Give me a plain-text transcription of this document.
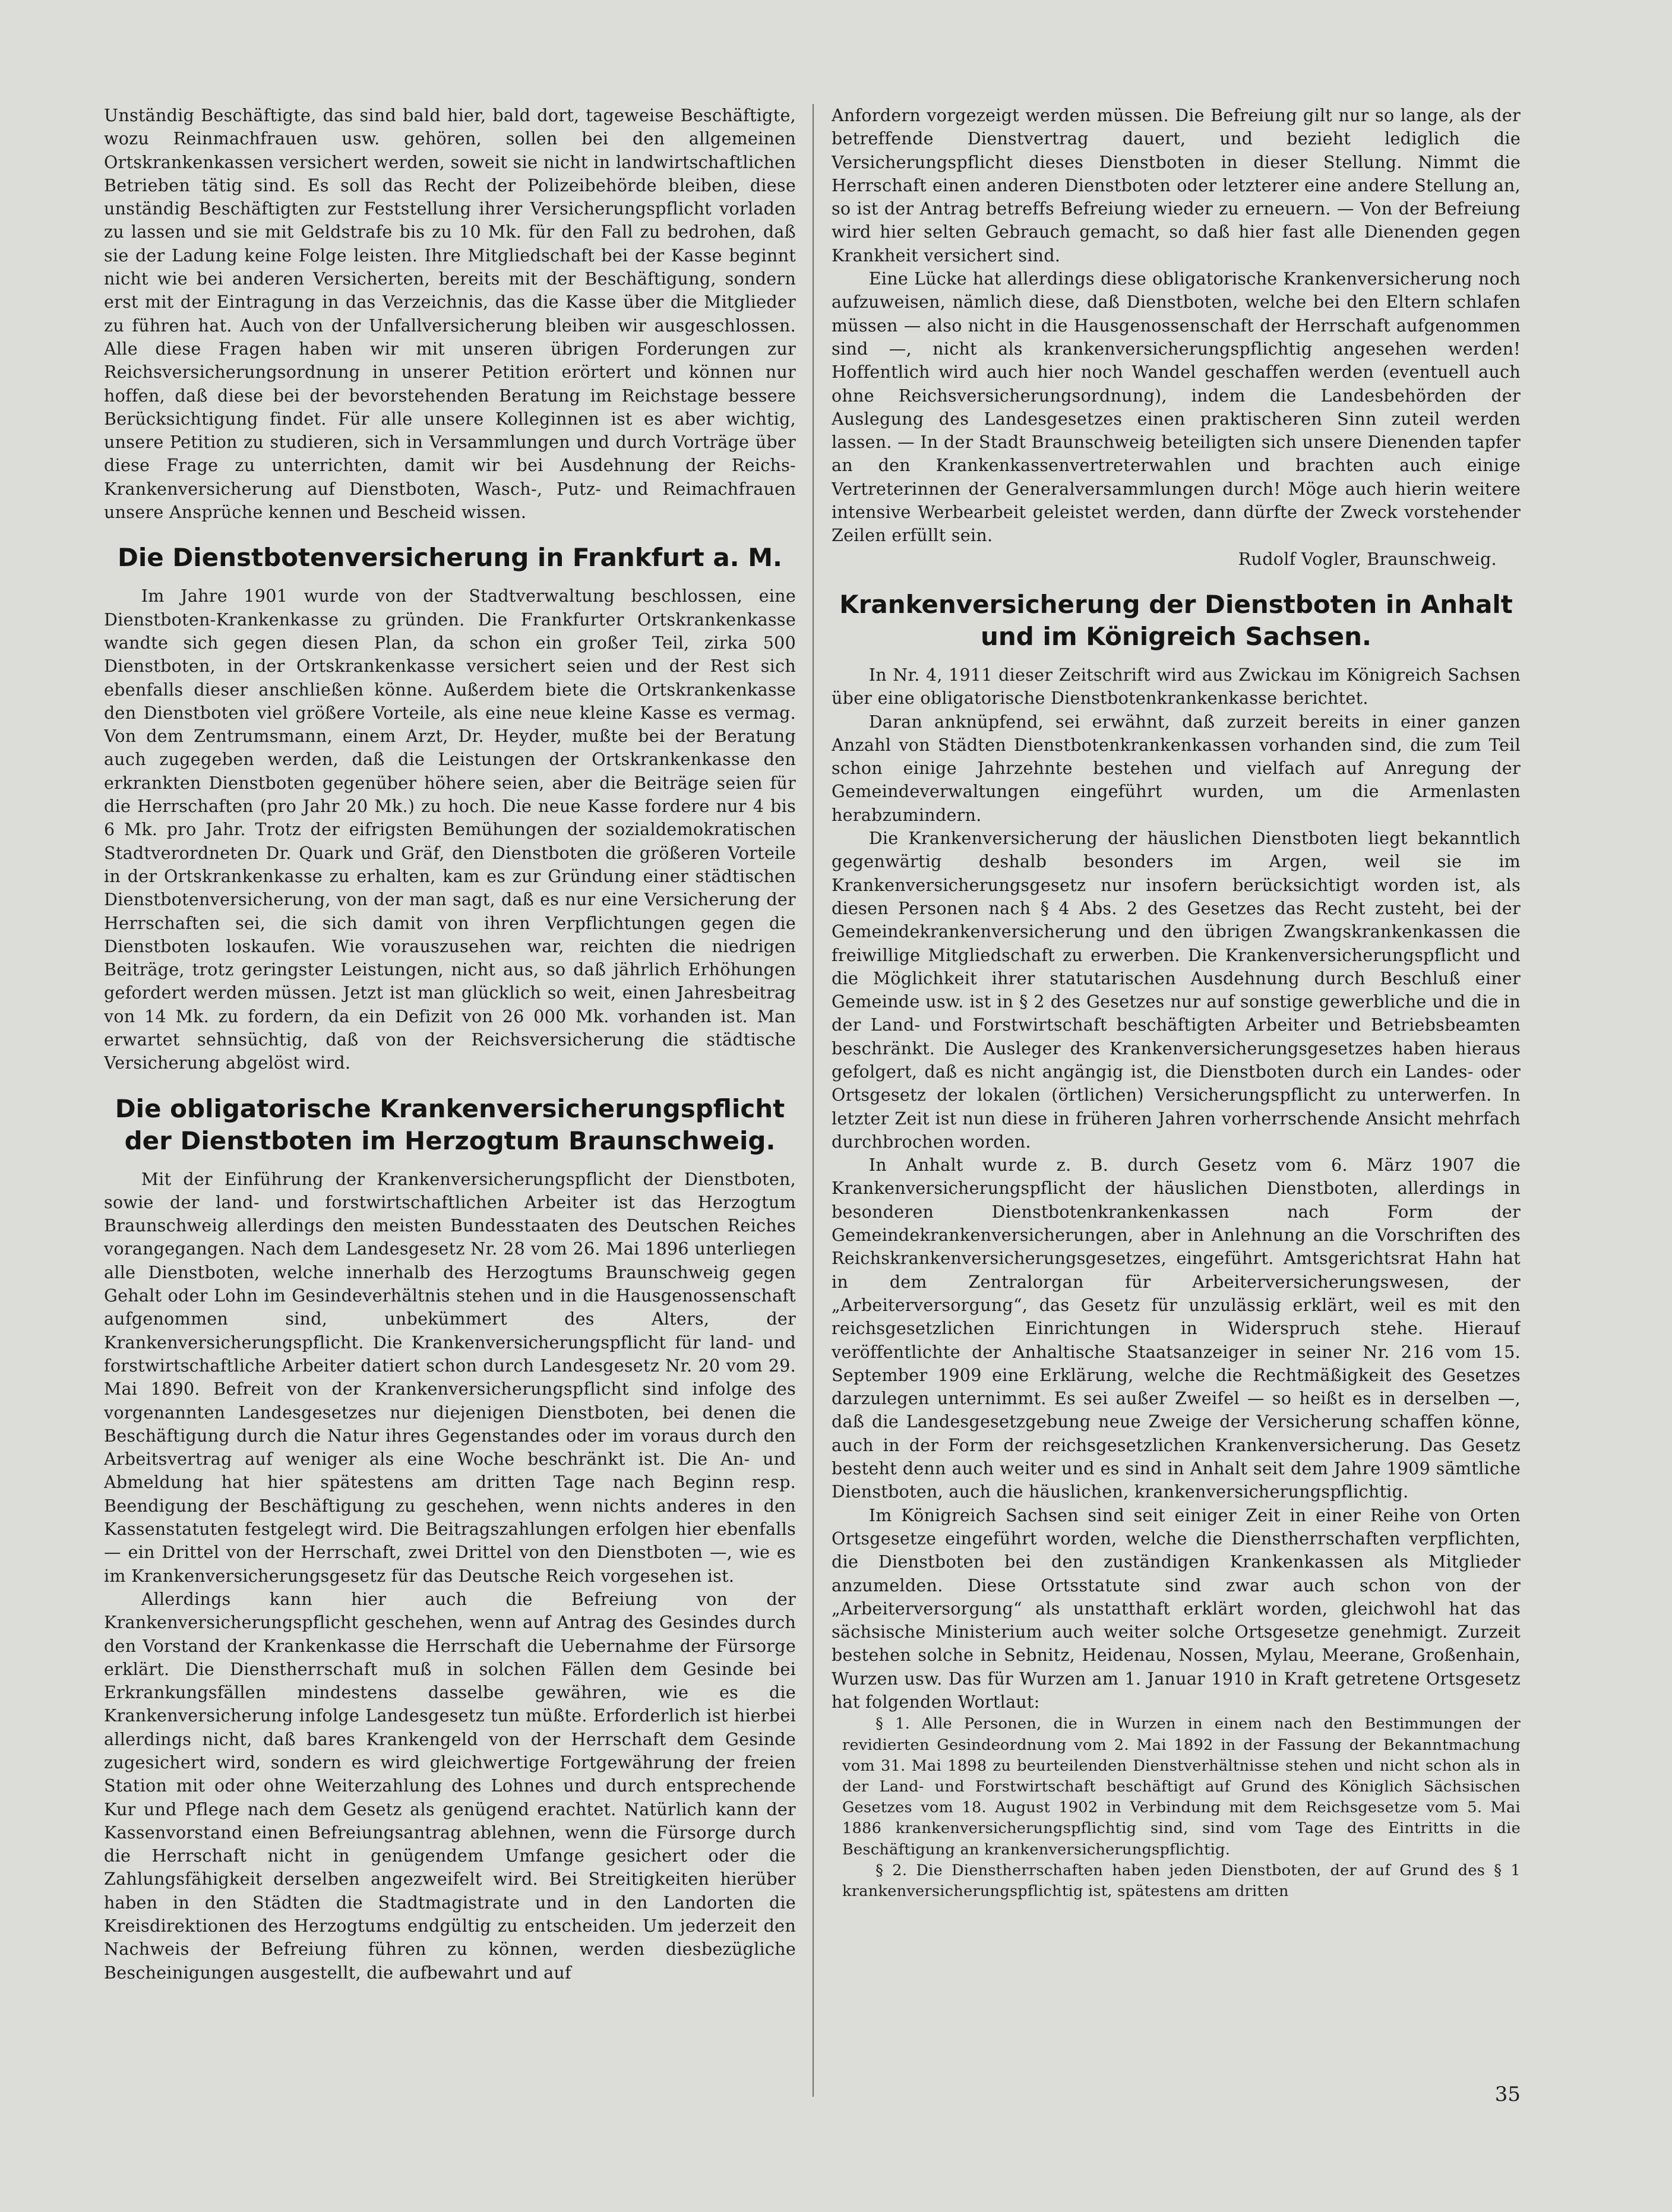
Unständig Beschäftigte, das sind bald hier, bald dort, tageweise Beschäftigte, wozu Reinmachfrauen usw. gehören, sollen bei den allgemeinen Ortskrankenkassen versichert werden, soweit sie nicht in landwirtschaftlichen Betrieben tätig sind. Es soll das Recht der Polizeibehörde bleiben, diese unständig Beschäftigten zur Feststellung ihrer Versicherungspflicht vorladen zu lassen und sie mit Geldstrafe bis zu 10 Mk. für den Fall zu bedrohen, daß sie der Ladung keine Folge leisten. Ihre Mitgliedschaft bei der Kasse beginnt nicht wie bei anderen Versicherten, bereits mit der Beschäftigung, sondern erst mit der Eintragung in das Verzeichnis, das die Kasse über die Mitglieder zu führen hat. Auch von der Unfallversicherung bleiben wir ausgeschlossen. Alle diese Fragen haben wir mit unseren übrigen Forderungen zur Reichsversicherungsordnung in unserer Petition erörtert und können nur hoffen, daß diese bei der bevorstehenden Beratung im Reichstage bessere Berücksichtigung findet. Für alle unsere Kolleginnen ist es aber wichtig, unsere Petition zu studieren, sich in Versammlungen und durch Vorträge über diese Frage zu unterrichten, damit wir bei Ausdehnung der Reichs-Krankenversicherung auf Dienstboten, Wasch-, Putz- und Reimachfrauen unsere Ansprüche kennen und Bescheid wissen.

Die Dienstbotenversicherung in Frankfurt a. M.

Im Jahre 1901 wurde von der Stadtverwaltung beschlossen, eine Dienstboten-Krankenkasse zu gründen. Die Frankfurter Ortskrankenkasse wandte sich gegen diesen Plan, da schon ein großer Teil, zirka 500 Dienstboten, in der Ortskrankenkasse versichert seien und der Rest sich ebenfalls dieser anschließen könne. Außerdem biete die Ortskrankenkasse den Dienstboten viel größere Vorteile, als eine neue kleine Kasse es vermag. Von dem Zentrumsmann, einem Arzt, Dr. Heyder, mußte bei der Beratung auch zugegeben werden, daß die Leistungen der Ortskrankenkasse den erkrankten Dienstboten gegenüber höhere seien, aber die Beiträge seien für die Herrschaften (pro Jahr 20 Mk.) zu hoch. Die neue Kasse fordere nur 4 bis 6 Mk. pro Jahr. Trotz der eifrigsten Bemühungen der sozialdemokratischen Stadtverordneten Dr. Quark und Gräf, den Dienstboten die größeren Vorteile in der Ortskrankenkasse zu erhalten, kam es zur Gründung einer städtischen Dienstbotenversicherung, von der man sagt, daß es nur eine Versicherung der Herrschaften sei, die sich damit von ihren Verpflichtungen gegen die Dienstboten loskaufen. Wie vorauszusehen war, reichten die niedrigen Beiträge, trotz geringster Leistungen, nicht aus, so daß jährlich Erhöhungen gefordert werden müssen. Jetzt ist man glücklich so weit, einen Jahresbeitrag von 14 Mk. zu fordern, da ein Defizit von 26 000 Mk. vorhanden ist. Man erwartet sehnsüchtig, daß von der Reichsversicherung die städtische Versicherung abgelöst wird.

Die obligatorische Krankenversicherungspflicht der Dienstboten im Herzogtum Braunschweig.

Mit der Einführung der Krankenversicherungspflicht der Dienstboten, sowie der land- und forstwirtschaftlichen Arbeiter ist das Herzogtum Braunschweig allerdings den meisten Bundesstaaten des Deutschen Reiches vorangegangen. Nach dem Landesgesetz Nr. 28 vom 26. Mai 1896 unterliegen alle Dienstboten, welche innerhalb des Herzogtums Braunschweig gegen Gehalt oder Lohn im Gesindeverhältnis stehen und in die Hausgenossenschaft aufgenommen sind, unbekümmert des Alters, der Krankenversicherungspflicht. Die Krankenversicherungspflicht für land- und forstwirtschaftliche Arbeiter datiert schon durch Landesgesetz Nr. 20 vom 29. Mai 1890. Befreit von der Krankenversicherungspflicht sind infolge des vorgenannten Landesgesetzes nur diejenigen Dienstboten, bei denen die Beschäftigung durch die Natur ihres Gegenstandes oder im voraus durch den Arbeitsvertrag auf weniger als eine Woche beschränkt ist. Die An- und Abmeldung hat hier spätestens am dritten Tage nach Beginn resp. Beendigung der Beschäftigung zu geschehen, wenn nichts anderes in den Kassenstatuten festgelegt wird. Die Beitragszahlungen erfolgen hier ebenfalls — ein Drittel von der Herrschaft, zwei Drittel von den Dienstboten —, wie es im Krankenversicherungsgesetz für das Deutsche Reich vorgesehen ist.

Allerdings kann hier auch die Befreiung von der Krankenversicherungspflicht geschehen, wenn auf Antrag des Gesindes durch den Vorstand der Krankenkasse die Herrschaft die Uebernahme der Fürsorge erklärt. Die Dienstherrschaft muß in solchen Fällen dem Gesinde bei Erkrankungsfällen mindestens dasselbe gewähren, wie es die Krankenversicherung infolge Landesgesetz tun müßte. Erforderlich ist hierbei allerdings nicht, daß bares Krankengeld von der Herrschaft dem Gesinde zugesichert wird, sondern es wird gleichwertige Fortgewährung der freien Station mit oder ohne Weiterzahlung des Lohnes und durch entsprechende Kur und Pflege nach dem Gesetz als genügend erachtet. Natürlich kann der Kassenvorstand einen Befreiungsantrag ablehnen, wenn die Fürsorge durch die Herrschaft nicht in genügendem Umfange gesichert oder die Zahlungsfähigkeit derselben angezweifelt wird. Bei Streitigkeiten hierüber haben in den Städten die Stadtmagistrate und in den Landorten die Kreisdirektionen des Herzogtums endgültig zu entscheiden. Um jederzeit den Nachweis der Befreiung führen zu können, werden diesbezügliche Bescheinigungen ausgestellt, die aufbewahrt und auf

Anfordern vorgezeigt werden müssen. Die Befreiung gilt nur so lange, als der betreffende Dienstvertrag dauert, und bezieht lediglich die Versicherungspflicht dieses Dienstboten in dieser Stellung. Nimmt die Herrschaft einen anderen Dienstboten oder letzterer eine andere Stellung an, so ist der Antrag betreffs Befreiung wieder zu erneuern. — Von der Befreiung wird hier selten Gebrauch gemacht, so daß hier fast alle Dienenden gegen Krankheit versichert sind.

Eine Lücke hat allerdings diese obligatorische Krankenversicherung noch aufzuweisen, nämlich diese, daß Dienstboten, welche bei den Eltern schlafen müssen — also nicht in die Hausgenossenschaft der Herrschaft aufgenommen sind —, nicht als krankenversicherungspflichtig angesehen werden! Hoffentlich wird auch hier noch Wandel geschaffen werden (eventuell auch ohne Reichsversicherungsordnung), indem die Landesbehörden der Auslegung des Landesgesetzes einen praktischeren Sinn zuteil werden lassen. — In der Stadt Braunschweig beteiligten sich unsere Dienenden tapfer an den Krankenkassenvertreterwahlen und brachten auch einige Vertreterinnen der Generalversammlungen durch! Möge auch hierin weitere intensive Werbearbeit geleistet werden, dann dürfte der Zweck vorstehender Zeilen erfüllt sein.

Rudolf Vogler, Braunschweig.

Krankenversicherung der Dienstboten in Anhalt und im Königreich Sachsen.

In Nr. 4, 1911 dieser Zeitschrift wird aus Zwickau im Königreich Sachsen über eine obligatorische Dienstbotenkrankenkasse berichtet.

Daran anknüpfend, sei erwähnt, daß zurzeit bereits in einer ganzen Anzahl von Städten Dienstbotenkrankenkassen vorhanden sind, die zum Teil schon einige Jahrzehnte bestehen und vielfach auf Anregung der Gemeindeverwaltungen eingeführt wurden, um die Armenlasten herabzumindern.

Die Krankenversicherung der häuslichen Dienstboten liegt bekanntlich gegenwärtig deshalb besonders im Argen, weil sie im Krankenversicherungsgesetz nur insofern berücksichtigt worden ist, als diesen Personen nach § 4 Abs. 2 des Gesetzes das Recht zusteht, bei der Gemeindekrankenversicherung und den übrigen Zwangskrankenkassen die freiwillige Mitgliedschaft zu erwerben. Die Krankenversicherungspflicht und die Möglichkeit ihrer statutarischen Ausdehnung durch Beschluß einer Gemeinde usw. ist in § 2 des Gesetzes nur auf sonstige gewerbliche und die in der Land- und Forstwirtschaft beschäftigten Arbeiter und Betriebsbeamten beschränkt. Die Ausleger des Krankenversicherungsgesetzes haben hieraus gefolgert, daß es nicht angängig ist, die Dienstboten durch ein Landes- oder Ortsgesetz der lokalen (örtlichen) Versicherungspflicht zu unterwerfen. In letzter Zeit ist nun diese in früheren Jahren vorherrschende Ansicht mehrfach durchbrochen worden.

In Anhalt wurde z. B. durch Gesetz vom 6. März 1907 die Krankenversicherungspflicht der häuslichen Dienstboten, allerdings in besonderen Dienstbotenkrankenkassen nach Form der Gemeindekrankenversicherungen, aber in Anlehnung an die Vorschriften des Reichskrankenversicherungsgesetzes, eingeführt. Amtsgerichtsrat Hahn hat in dem Zentralorgan für Arbeiterversicherungswesen, der „Arbeiterversorgung“, das Gesetz für unzulässig erklärt, weil es mit den reichsgesetzlichen Einrichtungen in Widerspruch stehe. Hierauf veröffentlichte der Anhaltische Staatsanzeiger in seiner Nr. 216 vom 15. September 1909 eine Erklärung, welche die Rechtmäßigkeit des Gesetzes darzulegen unternimmt. Es sei außer Zweifel — so heißt es in derselben —, daß die Landesgesetzgebung neue Zweige der Versicherung schaffen könne, auch in der Form der reichsgesetzlichen Krankenversicherung. Das Gesetz besteht denn auch weiter und es sind in Anhalt seit dem Jahre 1909 sämtliche Dienstboten, auch die häuslichen, krankenversicherungspflichtig.

Im Königreich Sachsen sind seit einiger Zeit in einer Reihe von Orten Ortsgesetze eingeführt worden, welche die Dienstherrschaften verpflichten, die Dienstboten bei den zuständigen Krankenkassen als Mitglieder anzumelden. Diese Ortsstatute sind zwar auch schon von der „Arbeiterversorgung“ als unstatthaft erklärt worden, gleichwohl hat das sächsische Ministerium auch weiter solche Ortsgesetze genehmigt. Zurzeit bestehen solche in Sebnitz, Heidenau, Nossen, Mylau, Meerane, Großenhain, Wurzen usw. Das für Wurzen am 1. Januar 1910 in Kraft getretene Ortsgesetz hat folgenden Wortlaut:

§ 1. Alle Personen, die in Wurzen in einem nach den Bestimmungen der revidierten Gesindeordnung vom 2. Mai 1892 in der Fassung der Bekanntmachung vom 31. Mai 1898 zu beurteilenden Dienstverhältnisse stehen und nicht schon als in der Land- und Forstwirtschaft beschäftigt auf Grund des Königlich Sächsischen Gesetzes vom 18. August 1902 in Verbindung mit dem Reichsgesetze vom 5. Mai 1886 krankenversicherungspflichtig sind, sind vom Tage des Eintritts in die Beschäftigung an krankenversicherungspflichtig.

§ 2. Die Dienstherrschaften haben jeden Dienstboten, der auf Grund des § 1 krankenversicherungspflichtig ist, spätestens am dritten

35
